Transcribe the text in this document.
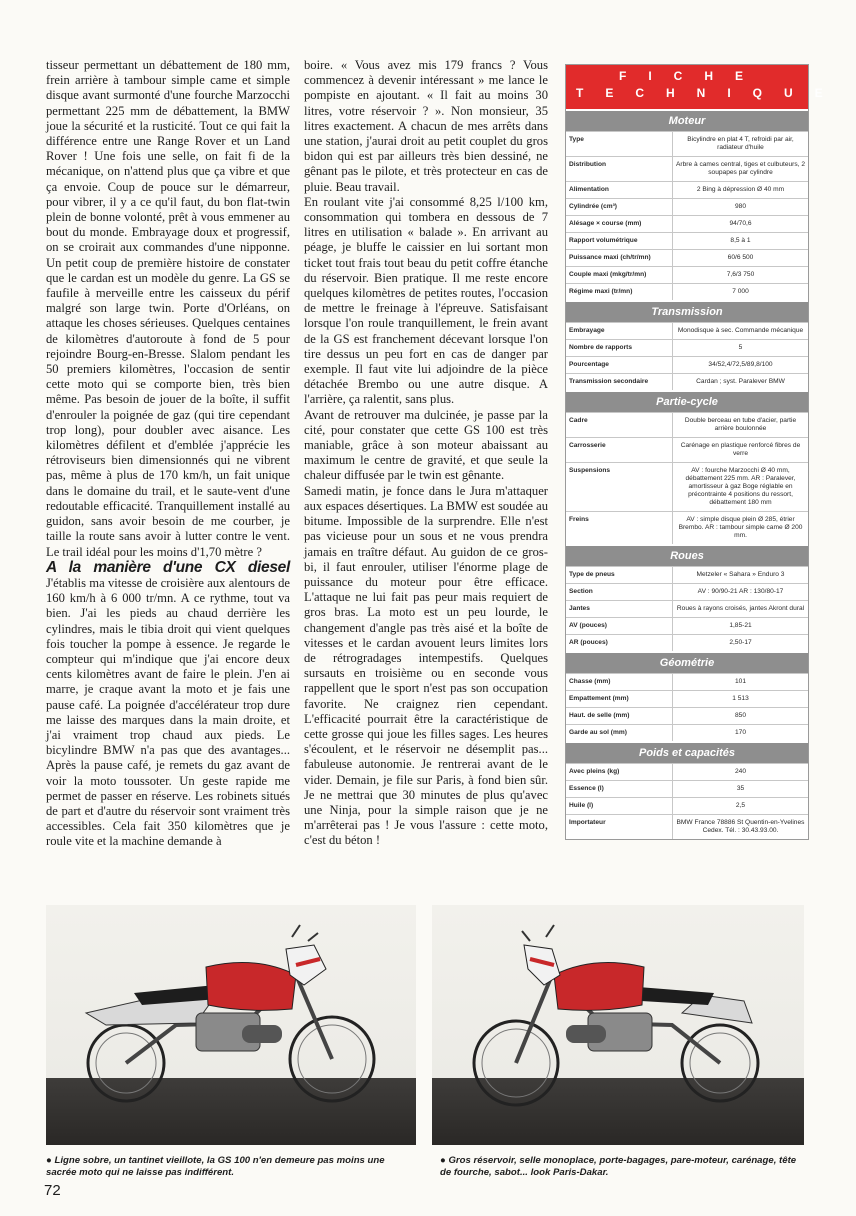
tisseur permettant un débattement de 180 mm, frein arrière à tambour simple came et simple disque avant surmonté d'une fourche Marzocchi permettant 225 mm de débattement, la BMW joue la sécurité et la rusticité. Tout ce qui fait la différence entre une Range Rover et un Land Rover ! Une fois une selle, on fait fi de la mécanique, on n'attend plus que ça vibre et que ça envoie. Coup de pouce sur le démarreur, pour vibrer, il y a ce qu'il faut, du bon flat-twin plein de bonne volonté, prêt à vous emmener au bout du monde. Embrayage doux et progressif, on se croirait aux commandes d'une nipponne. Un petit coup de première histoire de constater que le cardan est un modèle du genre. La GS se faufile à merveille entre les caisseux du périf malgré son large twin. Porte d'Orléans, on attaque les choses sérieuses. Quelques centaines de kilomètres d'autoroute à fond de 5 pour rejoindre Bourg-en-Bresse. Slalom pendant les 50 premiers kilomètres, l'occasion de sentir cette moto qui se comporte bien, très bien même. Pas besoin de jouer de la boîte, il suffit d'enrouler la poignée de gaz (qui tire cependant trop long), pour doubler avec aisance. Les kilomètres défilent et d'emblée j'apprécie les rétroviseurs bien dimensionnés qui ne vibrent pas, même à plus de 170 km/h, un fait unique dans le domaine du trail, et le saute-vent d'une redoutable efficacité. Tranquillement installé au guidon, sans avoir besoin de me courber, je taille la route sans avoir à lutter contre le vent. Le trail idéal pour les moins d'1,70 mètre ?

A la manière d'une CX diesel J'établis ma vitesse de croisière aux alentours de 160 km/h à 6 000 tr/mn. A ce rythme, tout va bien. J'ai les pieds au chaud derrière les cylindres, mais le tibia droit qui vient quelques fois toucher la pompe à essence. Je regarde le compteur qui m'indique que j'ai encore deux cents kilomètres avant de faire le plein. J'en ai marre, je craque avant la moto et je fais une pause café. La poignée d'accélérateur trop dure me laisse des marques dans la main droite, et j'ai vraiment trop chaud aux pieds. Le bicylindre BMW n'a pas que des avantages... Après la pause café, je remets du gaz avant de voir la moto toussoter. Un geste rapide me permet de passer en réserve. Les robinets situés de part et d'autre du réservoir sont vraiment très accessibles. Cela fait 350 kilomètres que je roule vite et la machine demande à

boire. « Vous avez mis 179 francs ? Vous commencez à devenir intéressant » me lance le pompiste en ajoutant. « Il fait au moins 30 litres, votre réservoir ? ». Non monsieur, 35 litres exactement. A chacun de mes arrêts dans une station, j'aurai droit au petit couplet du gros bidon qui est par ailleurs très bien dessiné, ne gênant pas le pilote, et très protecteur en cas de pluie. Beau travail.

En roulant vite j'ai consommé 8,25 l/100 km, consommation qui tombera en dessous de 7 litres en utilisation « balade ». En arrivant au péage, je bluffe le caissier en lui sortant mon ticket tout frais tout beau du petit coffre étanche du réservoir. Bien pratique. Il me reste encore quelques kilomètres de petites routes, l'occasion de mettre le freinage à l'épreuve. Satisfaisant lorsque l'on roule tranquillement, le frein avant de la GS est franchement décevant lorsque l'on tire dessus un peu fort en cas de danger par exemple. Il faut vite lui adjoindre de la pièce détachée Brembo ou une autre disque. A l'arrière, ça ralentit, sans plus.

Avant de retrouver ma dulcinée, je passe par la cité, pour constater que cette GS 100 est très maniable, grâce à son moteur abaissant au maximum le centre de gravité, et que seule la chaleur diffusée par le twin est gênante.

Samedi matin, je fonce dans le Jura m'attaquer aux espaces désertiques. La BMW est soudée au bitume. Impossible de la surprendre. Elle n'est pas vicieuse pour un sous et ne vous prendra jamais en traître défaut. Au guidon de ce gros-bi, il faut enrouler, utiliser l'énorme plage de puissance du moteur pour être efficace. L'attaque ne lui fait pas peur mais requiert de gros bras. La moto est un peu lourde, le changement d'angle pas très aisé et la boîte de vitesses et le cardan avouent leurs limites lors de rétrogradages intempestifs. Quelques sursauts en troisième ou en seconde vous rappellent que le sport n'est pas son occupation favorite. Ne craignez rien cependant. L'efficacité pourrait être la caractéristique de cette grosse qui joue les filles sages. Les heures s'écoulent, et le réservoir ne désemplit pas... fabuleuse autonomie. Je rentrerai avant de le vider. Demain, je file sur Paris, à fond bien sûr. Je ne mettrai que 30 minutes de plus qu'avec une Ninja, pour la simple raison que je ne m'arrêterai pas ! Je vous l'assure : cette moto, c'est du béton !

FICHE
TECHNIQUE
Moteur
Type	Bicylindre en plat 4 T, refroidi par air, radiateur d'huile
Distribution	Arbre à cames central, tiges et culbuteurs, 2 soupapes par cylindre
Alimentation	2 Bing à dépression Ø 40 mm
Cylindrée (cm³)	980
Alésage × course (mm)	94/70,6
Rapport volumétrique	8,5 à 1
Puissance maxi (ch/tr/mn)	60/6 500
Couple maxi (mkg/tr/mn)	7,6/3 750
Régime maxi (tr/mn)	7 000
Transmission
Embrayage	Monodisque à sec. Commande mécanique
Nombre de rapports	5
Pourcentage	34/52,4/72,5/89,8/100
Transmission secondaire	Cardan ; syst. Paralever BMW
Partie-cycle
Cadre	Double berceau en tube d'acier, partie arrière boulonnée
Carrosserie	Carénage en plastique renforcé fibres de verre
Suspensions	AV : fourche Marzocchi Ø 40 mm, débattement 225 mm. AR : Paralever, amortisseur à gaz Boge réglable en précontrainte 4 positions du ressort, débattement 180 mm
Freins	AV : simple disque plein Ø 285, étrier Brembo. AR : tambour simple came Ø 200 mm.
Roues
Type de pneus	Metzeler « Sahara » Enduro 3
Section	AV : 90/90-21 AR : 130/80-17
Jantes	Roues à rayons croisés, jantes Akront dural
AV (pouces)	1,85-21
AR (pouces)	2,50-17
Géométrie
Chasse (mm)	101
Empattement (mm)	1 513
Haut. de selle (mm)	850
Garde au sol (mm)	170
Poids et capacités
Avec pleins (kg)	240
Essence (l)	35
Huile (l)	2,5
Importateur	BMW France 78886 St Quentin-en-Yvelines Cedex. Tél. : 30.43.93.00.
● Ligne sobre, un tantinet vieillote, la GS 100 n'en demeure pas moins une sacrée moto qui ne laisse pas indifférent.
● Gros réservoir, selle monoplace, porte-bagages, pare-moteur, carénage, tête de fourche, sabot... look Paris-Dakar.
72
